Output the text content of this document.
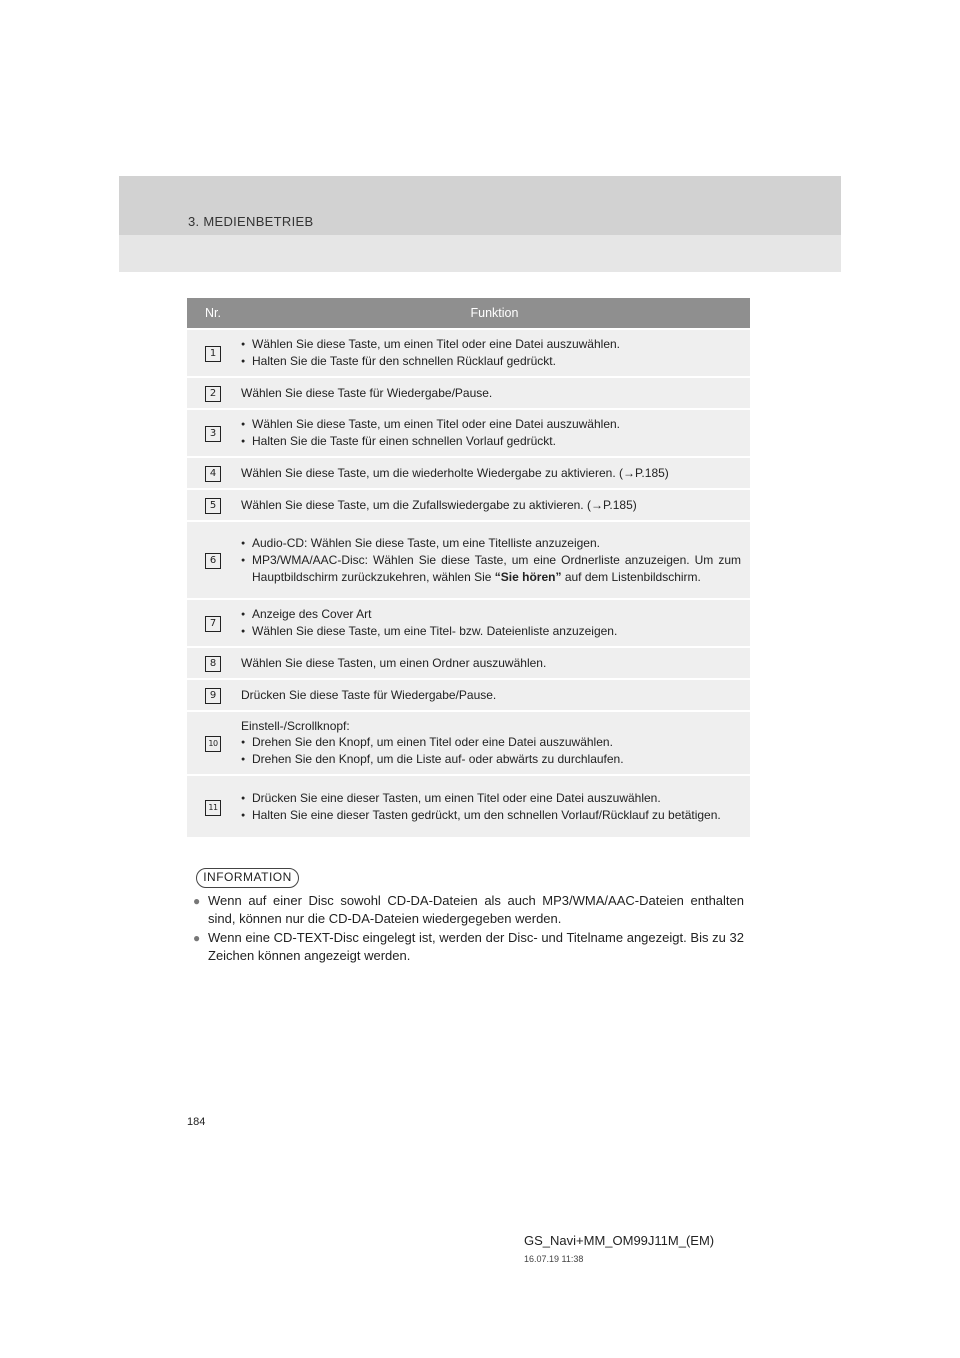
3. MEDIENBETRIEB
Nr.	Funktion
1	● Wählen Sie diese Taste, um einen Titel oder eine Datei auszuwählen.
● Halten Sie die Taste für den schnellen Rücklauf gedrückt.

2	Wählen Sie diese Taste für Wiedergabe/Pause.

3	● Wählen Sie diese Taste, um einen Titel oder eine Datei auszuwählen.
● Halten Sie die Taste für einen schnellen Vorlauf gedrückt.

4	Wählen Sie diese Taste, um die wiederholte Wiedergabe zu aktivieren. (→P.185)

5	Wählen Sie diese Taste, um die Zufallswiedergabe zu aktivieren. (→P.185)

6	● Audio-CD: Wählen Sie diese Taste, um eine Titelliste anzuzeigen.
● MP3/WMA/AAC-Disc: Wählen Sie diese Taste, um eine Ordnerliste anzuzeigen. Um zum Hauptbildschirm zurückzukehren, wählen Sie “Sie hören” auf dem Listenbildschirm.

7	● Anzeige des Cover Art
● Wählen Sie diese Taste, um eine Titel- bzw. Dateienliste anzuzeigen.

8	Wählen Sie diese Tasten, um einen Ordner auszuwählen.

9	Drücken Sie diese Taste für Wiedergabe/Pause.

10	Einstell-/Scrollknopf:
● Drehen Sie den Knopf, um einen Titel oder eine Datei auszuwählen.
● Drehen Sie den Knopf, um die Liste auf- oder abwärts zu durchlaufen.

11	● Drücken Sie eine dieser Tasten, um einen Titel oder eine Datei auszuwählen.
● Halten Sie eine dieser Tasten gedrückt, um den schnellen Vorlauf/Rücklauf zu betätigen.
INFORMATION
● Wenn auf einer Disc sowohl CD-DA-Dateien als auch MP3/WMA/AAC-Dateien enthalten sind, können nur die CD-DA-Dateien wiedergegeben werden.
● Wenn eine CD-TEXT-Disc eingelegt ist, werden der Disc- und Titelname angezeigt. Bis zu 32 Zeichen können angezeigt werden.
184
GS_Navi+MM_OM99J11M_(EM)
16.07.19 11:38
